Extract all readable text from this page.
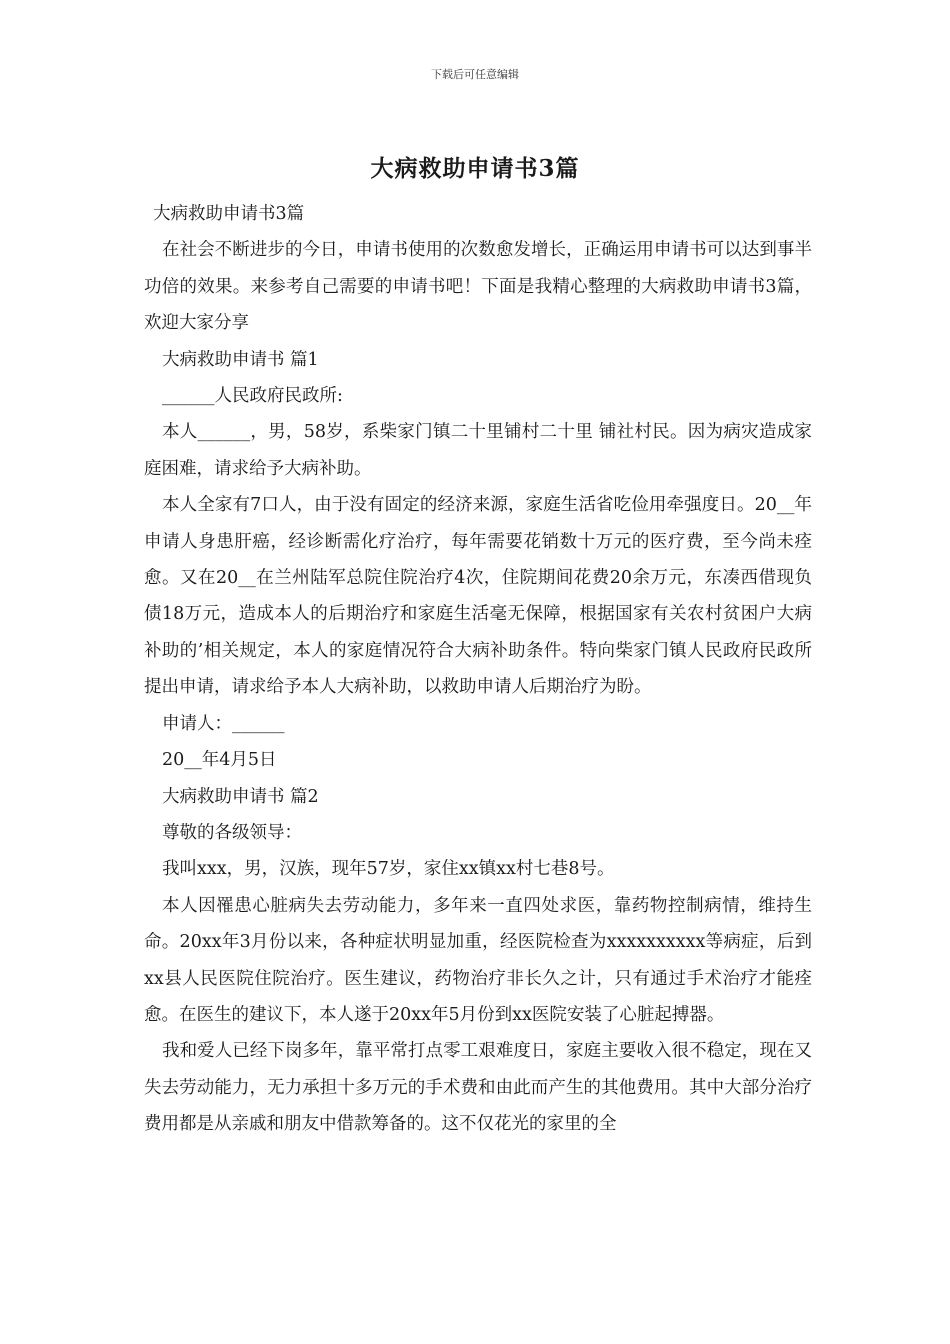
下载后可任意编辑
大病救助申请书3篇

大病救助申请书3篇

在社会不断进步的今日，申请书使用的次数愈发增长，正确运用申请书可以达到事半功倍的效果。来参考自己需要的申请书吧！下面是我精心整理的大病救助申请书3篇，欢迎大家分享

大病救助申请书 篇1

______人民政府民政所:

本人______，男，58岁，系柴家门镇二十里铺村二十里 铺社村民。因为病灾造成家庭困难，请求给予大病补助。

本人全家有7口人，由于没有固定的经济来源，家庭生活省吃俭用牵强度日。20__年申请人身患肝癌，经诊断需化疗治疗，每年需要花销数十万元的医疗费，至今尚未痊愈。又在20__在兰州陆军总院住院治疗4次，住院期间花费20余万元，东凑西借现负债18万元，造成本人的后期治疗和家庭生活毫无保障，根据国家有关农村贫困户大病补助的’相关规定，本人的家庭情况符合大病补助条件。特向柴家门镇人民政府民政所提出申请，请求给予本人大病补助，以救助申请人后期治疗为盼。

申请人：______

20__年4月5日

大病救助申请书 篇2

尊敬的各级领导：

我叫xxx，男，汉族，现年57岁，家住xx镇xx村七巷8号。

本人因罹患心脏病失去劳动能力，多年来一直四处求医，靠药物控制病情，维持生命。20xx年3月份以来，各种症状明显加重，经医院检查为xxxxxxxxxx等病症，后到xx县人民医院住院治疗。医生建议，药物治疗非长久之计，只有通过手术治疗才能痊愈。在医生的建议下，本人遂于20xx年5月份到xx医院安装了心脏起搏器。

我和爱人已经下岗多年，靠平常打点零工艰难度日，家庭主要收入很不稳定，现在又失去劳动能力，无力承担十多万元的手术费和由此而产生的其他费用。其中大部分治疗费用都是从亲戚和朋友中借款筹备的。这不仅花光的家里的全
